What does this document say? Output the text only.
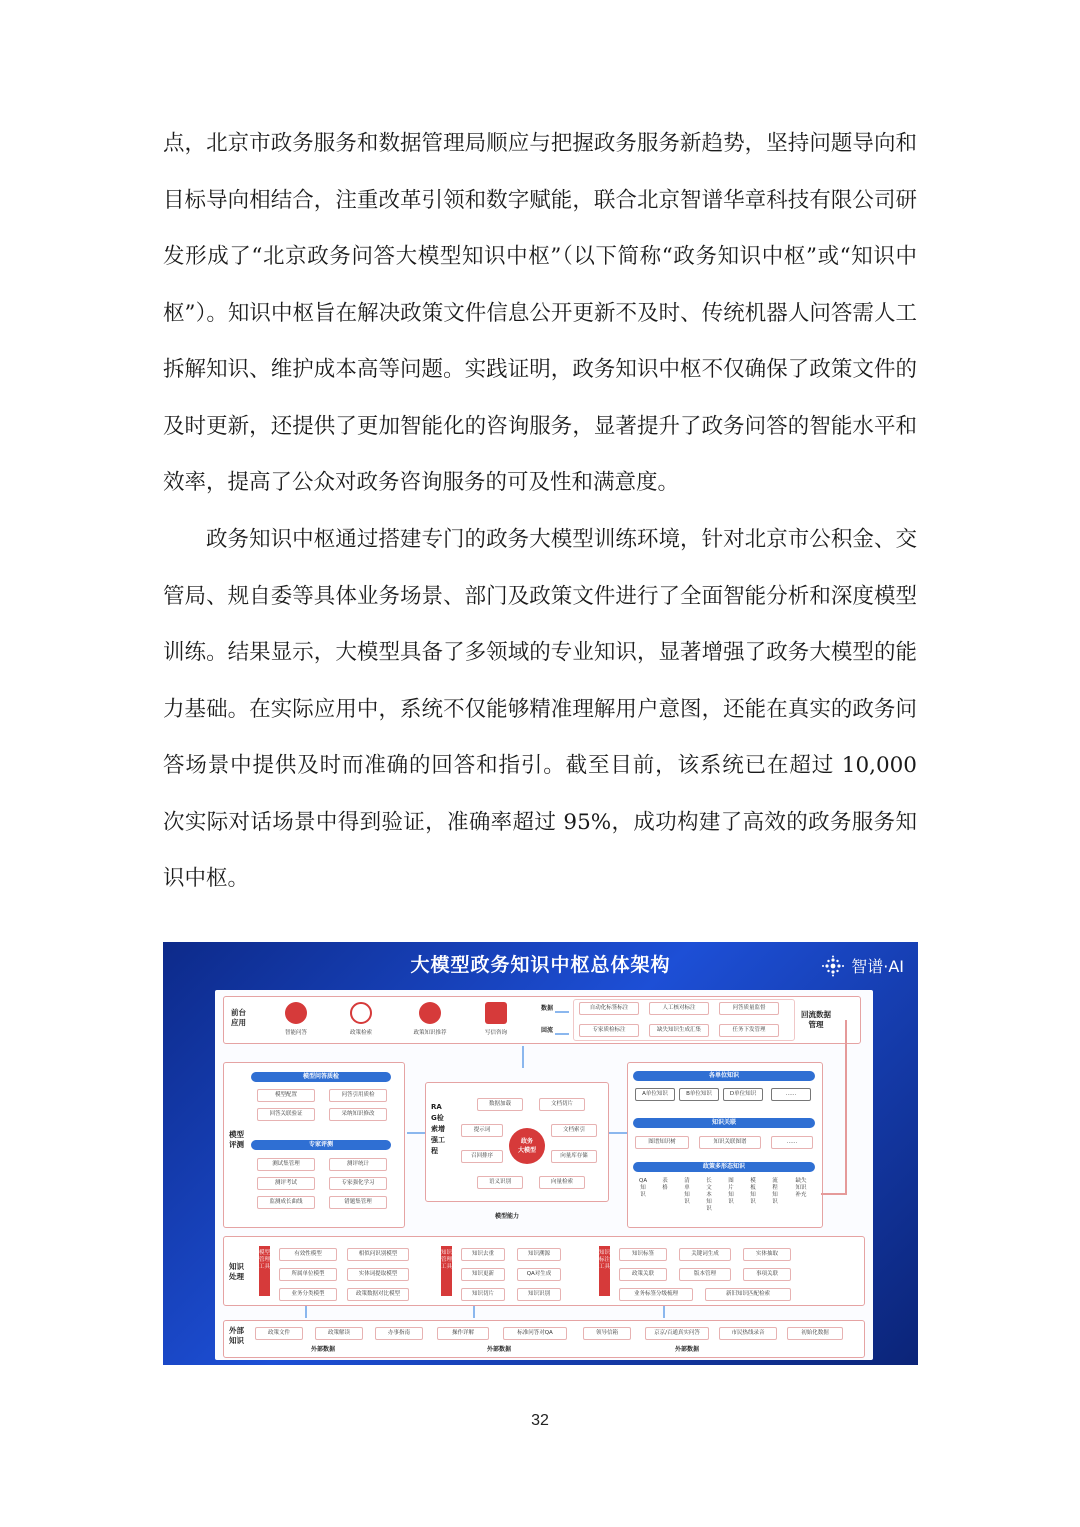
点，北京市政务服务和数据管理局顺应与把握政务服务新趋势，坚持问题导向和目标导向相结合，注重改革引领和数字赋能，联合北京智谱华章科技有限公司研发形成了“北京政务问答大模型知识中枢”（以下简称“政务知识中枢”或“知识中枢”）。知识中枢旨在解决政策文件信息公开更新不及时、传统机器人问答需人工拆解知识、维护成本高等问题。实践证明，政务知识中枢不仅确保了政策文件的及时更新，还提供了更加智能化的咨询服务，显著提升了政务问答的智能水平和效率，提高了公众对政务咨询服务的可及性和满意度。

政务知识中枢通过搭建专门的政务大模型训练环境，针对北京市公积金、交管局、规自委等具体业务场景、部门及政策文件进行了全面智能分析和深度模型训练。结果显示，大模型具备了多领域的专业知识，显著增强了政务大模型的能力基础。在实际应用中，系统不仅能够精准理解用户意图，还能在真实的政务问答场景中提供及时而准确的回答和指引。截至目前，该系统已在超过 10,000 次实际对话场景中得到验证，准确率超过 95%，成功构建了高效的政务服务知识中枢。

大模型政务知识中枢总体架构	智谱·AI
前台
应用
智能问答	政策检索	政策知识推荐	写信咨询
数据
回流
自动化标签标注	人工核对标注	问答质量监督
专家质检标注	缺失知识生成汇集	任务下发管理
回流数据
管理
模型
评测
模型问答质检
模型配置	问答引用质检
回答关联验证	采纳知识修改
专家评测
测试集管理	测评统计
测评考试	专家强化学习
监测成长曲线	错题集管理
RAG检索增强工程
数据加载	文档切片
提示词	文档索引
召回排序	向量库存储
语义识别	向量检索
政务
大模型
模型能力
各单位知识
A单位知识	B单位知识	D单位知识	......
知识关联
图谱知识树	知识关联图谱	......
政策多形态知识
QA知识
表格
清单知识
长文本知识
图片知识
模板知识
流程知识
缺失知识补充
知识
处理
模型管理工具
有效性模型	相似问识别模型
所属单位模型	实体词提取模型
业务分类模型	政策数据对比模型
知识管理工具
知识去重	知识溯源
知识更新	QA对生成
知识切片	知识识别
知识标注工具
知识标签	关键词生成	实体抽取
政策关联	版本管理	事项关联
业务标签分级梳理	新旧知识匹配检索
外部
知识
政策文件	政策解读	办事指南	操作详解	标准问答对QA	领导信箱	京京/百通真实问答	市民热线录音	初始化数据
外部数据	外部数据	外部数据
32
